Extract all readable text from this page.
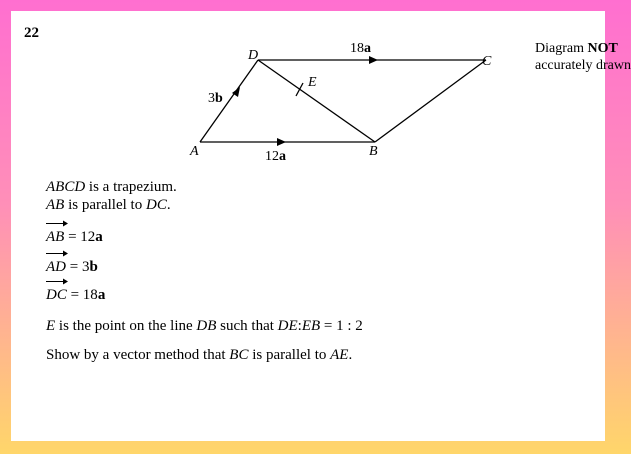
22
Diagram NOT
accurately drawn
D	C
A	B
E
18a
3b
12a
ABCD is a trapezium.
AB is parallel to DC.
AB = 12a
AD = 3b
DC = 18a
E is the point on the line DB such that DE:EB = 1 : 2
Show by a vector method that BC is parallel to AE.
